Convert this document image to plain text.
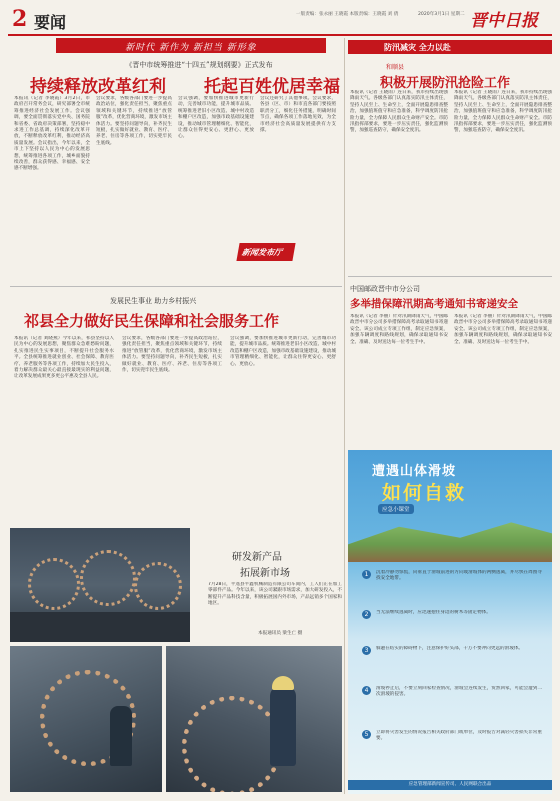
2 要闻	一版责编：张永丽 王晓霞 本版责编：王晓霞 刘 倩	2020年3月1日 星期二 晋中日报
新时代 新作为 新担当 新形象
《晋中市统筹推进“十四五”规划纲要》正式发布
持续释放改革红利 托起百姓优居幸福
本报讯（记者 李晓霞）3月2日，市政府召开常务会议，研究部署全市统筹推进经济社会发展工作。会议强调，要全面贯彻落实党中央、国务院和省委、省政府决策部署，坚持稳中求进工作总基调，持续深化改革开放，不断释放改革红利，推动经济高质量发展。会议指出，今年以来，全市上下坚持以人民为中心的发展思想，统筹推进各项工作，城乡面貌持续改善，群众获得感、幸福感、安全感不断增强。
会议要求，各级各部门要进一步提高政治站位，强化责任担当，聚焦重点领域和关键环节，持续推进“放管服”改革，优化营商环境，激发市场主体活力。要坚持问题导向，补齐民生短板，扎实做好就业、教育、医疗、养老、住房等各项工作，切实兜牢民生底线。
会议强调，要加快推进城市更新行动，完善城市功能，提升城市品质。统筹推进老旧小区改造、城中村改造和棚户区改造，加强市政基础设施建设，推动城市管理精细化、智能化，让群众住得更安心、更舒心、更放心。
会议还研究了其他事项。会议要求，各县（区、市）和市直各部门要按照职责分工，细化任务措施，明确时间节点，确保各项工作落地见效，为全市经济社会高质量发展提供有力支撑。
新闻发布厅
发展民生事业 助力乡村振兴
祁县全力做好民生保障和社会服务工作
本报讯（记者 刘晓燕）今年以来，祁县坚持以人民为中心的发展思想，聚焦群众急难愁盼问题，扎实推进民生实事项目，不断提升社会服务水平。全县统筹推进就业创业、社会保障、教育医疗、养老服务等各项工作，持续加大民生投入，着力解决群众最关心最直接最现实的利益问题，让改革发展成果更多更公平惠及全县人民。
会议要求，各级各部门要进一步提高政治站位，强化责任担当，聚焦重点领域和关键环节，持续推进“放管服”改革，优化营商环境，激发市场主体活力。要坚持问题导向，补齐民生短板，扎实做好就业、教育、医疗、养老、住房等各项工作，切实兜牢民生底线。
会议强调，要加快推进城市更新行动，完善城市功能，提升城市品质。统筹推进老旧小区改造、城中村改造和棚户区改造，加强市政基础设施建设，推动城市管理精细化、智能化，让群众住得更安心、更舒心、更放心。
研发新产品
拓展新市场
7月28日，平遥县平鑫机械制造有限公司车间内，工人们正在加工零部件产品。今年以来，该公司紧跟市场需求，加大研发投入，不断提升产品科技含量，积极拓展国内外市场，产品远销多个国家和地区。
本报通讯员 梁生亡 摄
防汛减灾 全力以赴
和顺县
积极开展防汛抢险工作
本报讯（记者 王晓雨）连日来，我市持续出现强降雨天气。各级各部门认真落实防汛主体责任，坚持人民至上、生命至上，全面开展隐患排查整治，加强值班值守和应急准备，科学调度防汛抢险力量，全力保障人民群众生命财产安全。市防汛指挥部要求，要进一步压实责任，强化监测预警，加强巡查防守，确保安全度汛。
本报讯（记者 王晓雨）连日来，我市持续出现强降雨天气。各级各部门认真落实防汛主体责任，坚持人民至上、生命至上，全面开展隐患排查整治，加强值班值守和应急准备，科学调度防汛抢险力量，全力保障人民群众生命财产安全。市防汛指挥部要求，要进一步压实责任，强化监测预警，加强巡查防守，确保安全度汛。
中国邮政晋中市分公司
多举措保障汛期高考通知书寄递安全
本报讯（记者 李丽）针对汛期降雨天气，中国邮政晋中市分公司多举措保障高考录取通知书寄递安全。该公司成立专项工作组，制定应急预案，加强车辆调度和路线规划，确保录取通知书安全、准确、及时送达每一位考生手中。
本报讯（记者 李丽）针对汛期降雨天气，中国邮政晋中市分公司多举措保障高考录取通知书寄递安全。该公司成立专项工作组，制定应急预案，加强车辆调度和路线规划，确保录取通知书安全、准确、及时送达每一位考生手中。
遭遇山体滑坡
如何自救
应急小课堂
1	沉着冷静勿惊慌，向垂直于滑坡前进的方向或滑坡体的两侧逃离，并尽快在周围寻找安全地带。
2	当无法继续逃离时，应迅速抱住身边的树木等固定物体。
3	躲避在结实的障碍物下，注意保护好头部，千万不要冲向更远的滑坡体。
4	滑坡停止后，不要立刻回家检查情况，滑坡会连续发生，贸然回家，可能会遭到二次滑坡的侵害。
5	立即将灾害发生的情况报告相关政府部门或单位，及时报告对减轻灾害损失非常重要。
应急管理部新闻宣传司、人民网联合出品
